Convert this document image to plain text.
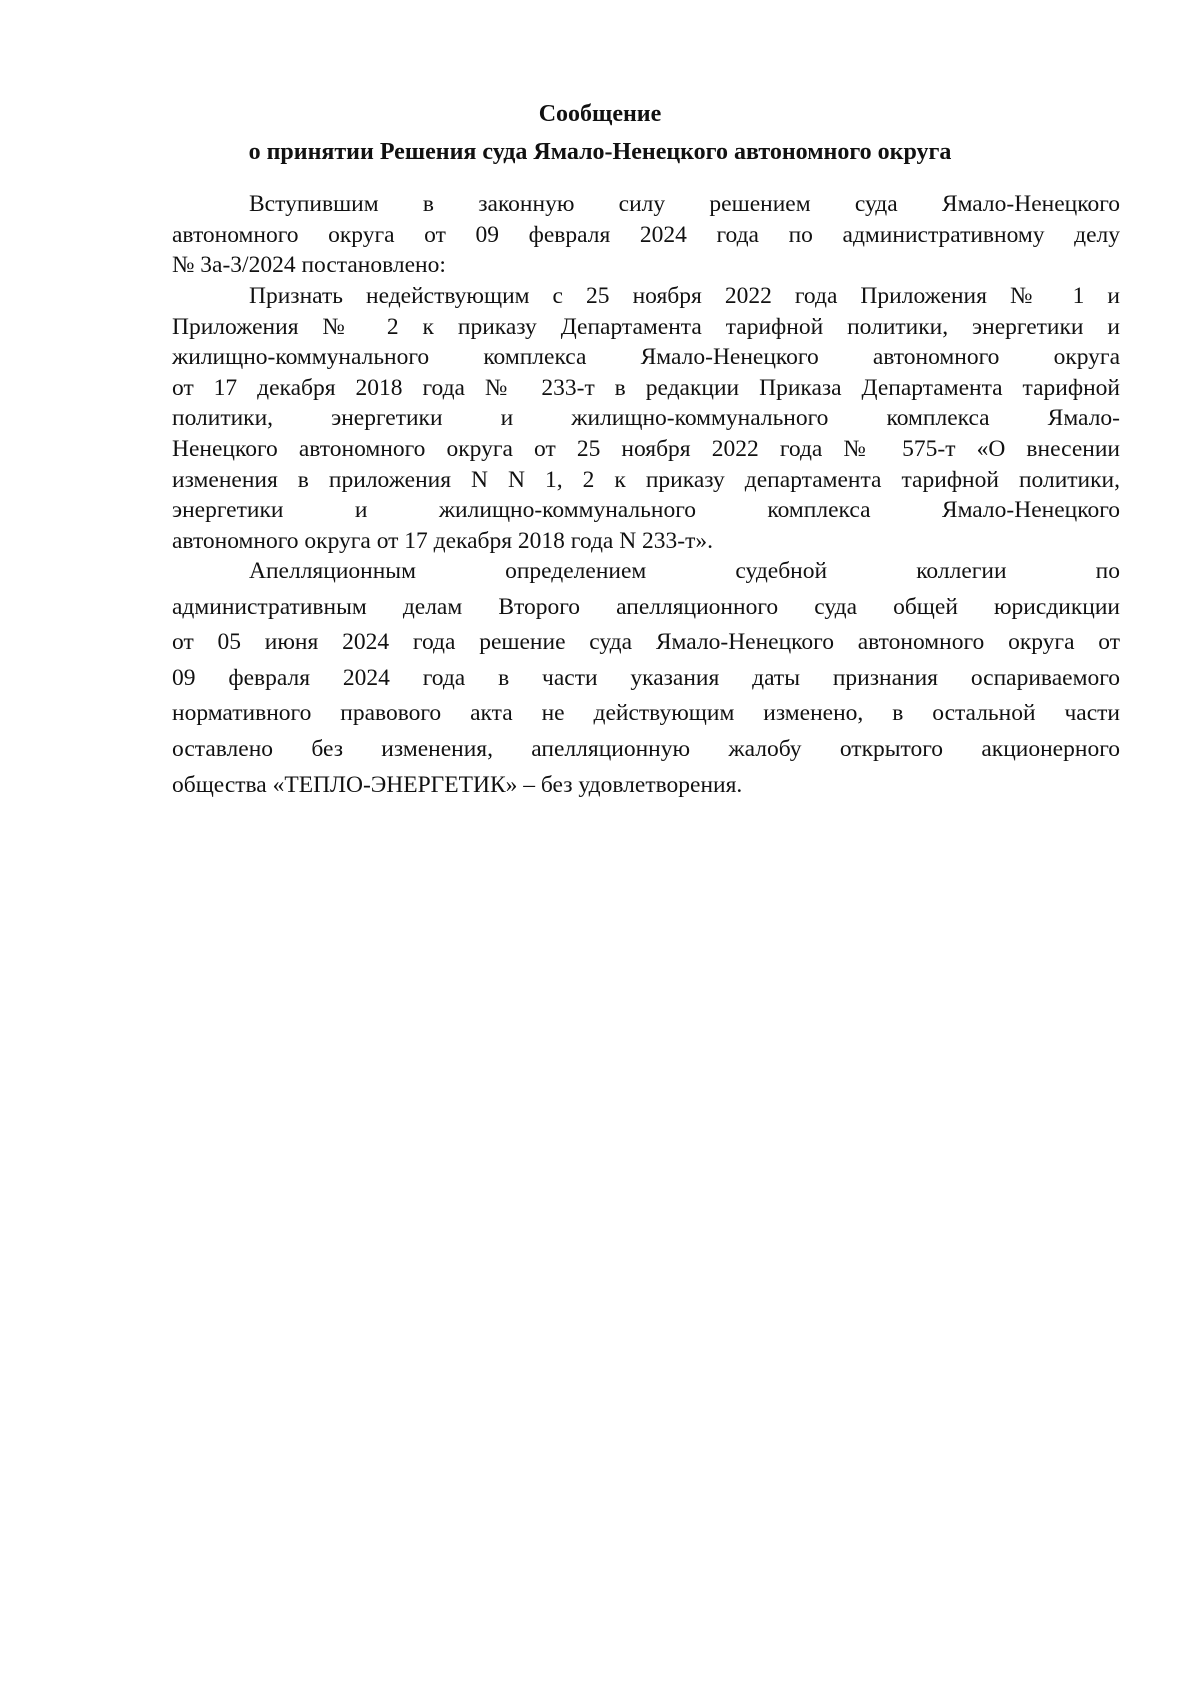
Сообщение
о принятии Решения суда Ямало-Ненецкого автономного округа
Вступившим в законную силу решением суда Ямало-Ненецкого
автономного округа от 09 февраля 2024 года по административному делу
№ 3а-3/2024 постановлено:
Признать недействующим с 25 ноября 2022 года Приложения № 1 и
Приложения № 2 к приказу Департамента тарифной политики, энергетики и
жилищно-коммунального комплекса Ямало-Ненецкого автономного округа
от 17 декабря 2018 года № 233-т в редакции Приказа Департамента тарифной
политики, энергетики и жилищно-коммунального комплекса Ямало-
Ненецкого автономного округа от 25 ноября 2022 года № 575-т «О внесении
изменения в приложения N N 1, 2 к приказу департамента тарифной политики,
энергетики и жилищно-коммунального комплекса Ямало-Ненецкого
автономного округа от 17 декабря 2018 года N 233-т».
Апелляционным определением судебной коллегии по
административным делам Второго апелляционного суда общей юрисдикции
от 05 июня 2024 года решение суда Ямало-Ненецкого автономного округа от
09 февраля 2024 года в части указания даты признания оспариваемого
нормативного правового акта не действующим изменено, в остальной части
оставлено без изменения, апелляционную жалобу открытого акционерного
общества «ТЕПЛО-ЭНЕРГЕТИК» – без удовлетворения.
